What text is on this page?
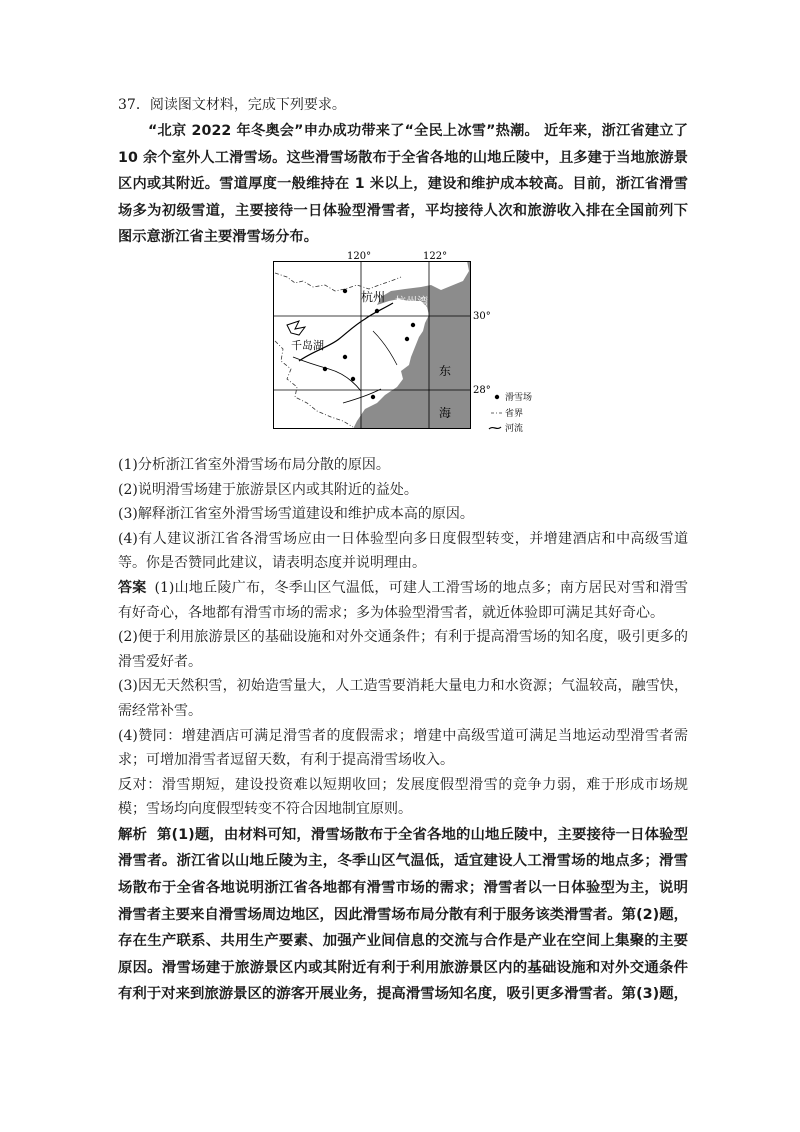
37．阅读图文材料，完成下列要求。

“北京 2022 年冬奥会”申办成功带来了“全民上冰雪”热潮。 近年来，浙江省建立了 10 余个室外人工滑雪场。这些滑雪场散布于全省各地的山地丘陵中，且多建于当地旅游景区内或其附近。雪道厚度一般维持在 1 米以上，建设和维护成本较高。目前，浙江省滑雪场多为初级雪道，主要接待一日体验型滑雪者，平均接待人次和旅游收入排在全国前列下图示意浙江省主要滑雪场分布。

120°	122°
30°
28°
杭州 杭州湾
千岛湖
东
海
滑雪场
省界
河流

(1)分析浙江省室外滑雪场布局分散的原因。

(2)说明滑雪场建于旅游景区内或其附近的益处。

(3)解释浙江省室外滑雪场雪道建设和维护成本高的原因。

(4)有人建议浙江省各滑雪场应由一日体验型向多日度假型转变，并增建酒店和中高级雪道等。你是否赞同此建议，请表明态度并说明理由。

答案 (1)山地丘陵广布，冬季山区气温低，可建人工滑雪场的地点多；南方居民对雪和滑雪有好奇心，各地都有滑雪市场的需求；多为体验型滑雪者，就近体验即可满足其好奇心。

(2)便于利用旅游景区的基础设施和对外交通条件；有利于提高滑雪场的知名度，吸引更多的滑雪爱好者。

(3)因无天然积雪，初始造雪量大，人工造雪要消耗大量电力和水资源；气温较高，融雪快，需经常补雪。

(4)赞同：增建酒店可满足滑雪者的度假需求；增建中高级雪道可满足当地运动型滑雪者需求；可增加滑雪者逗留天数，有利于提高滑雪场收入。

反对：滑雪期短，建设投资难以短期收回；发展度假型滑雪的竞争力弱，难于形成市场规模；雪场均向度假型转变不符合因地制宜原则。

解析 第(1)题，由材料可知，滑雪场散布于全省各地的山地丘陵中，主要接待一日体验型滑雪者。浙江省以山地丘陵为主，冬季山区气温低，适宜建设人工滑雪场的地点多；滑雪场散布于全省各地说明浙江省各地都有滑雪市场的需求；滑雪者以一日体验型为主，说明滑雪者主要来自滑雪场周边地区，因此滑雪场布局分散有利于服务该类滑雪者。第(2)题，存在生产联系、共用生产要素、加强产业间信息的交流与合作是产业在空间上集聚的主要原因。滑雪场建于旅游景区内或其附近有利于利用旅游景区内的基础设施和对外交通条件有利于对来到旅游景区的游客开展业务，提高滑雪场知名度，吸引更多滑雪者。第(3)题，
